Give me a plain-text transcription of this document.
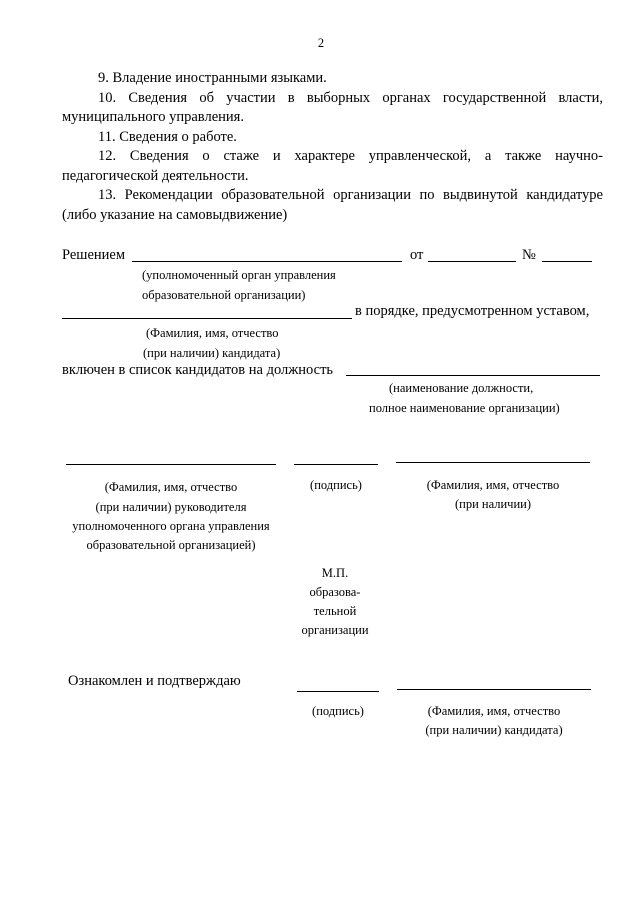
2
9. Владение иностранными языками.
10. Сведения об участии в выборных органах государственной власти,
муниципального управления.
11. Сведения о работе.
12. Сведения о стаже и характере управленческой, а также научно-
педагогической деятельности.
13. Рекомендации образовательной организации по выдвинутой кандидатуре
(либо указание на самовыдвижение)
Решением	от	№
(уполномоченный орган управления
образовательной организации)
в порядке, предусмотренном уставом,
(Фамилия, имя, отчество
(при наличии) кандидата)
включен в список кандидатов на должность
(наименование должности,
полное наименование организации)
(Фамилия, имя, отчество
(при наличии) руководителя
уполномоченного органа управления
образовательной организацией)
(подпись)	(Фамилия, имя, отчество
(при наличии)
М.П.
образова-
тельной
организации
Ознакомлен и подтверждаю
(подпись)	(Фамилия, имя, отчество
(при наличии) кандидата)
